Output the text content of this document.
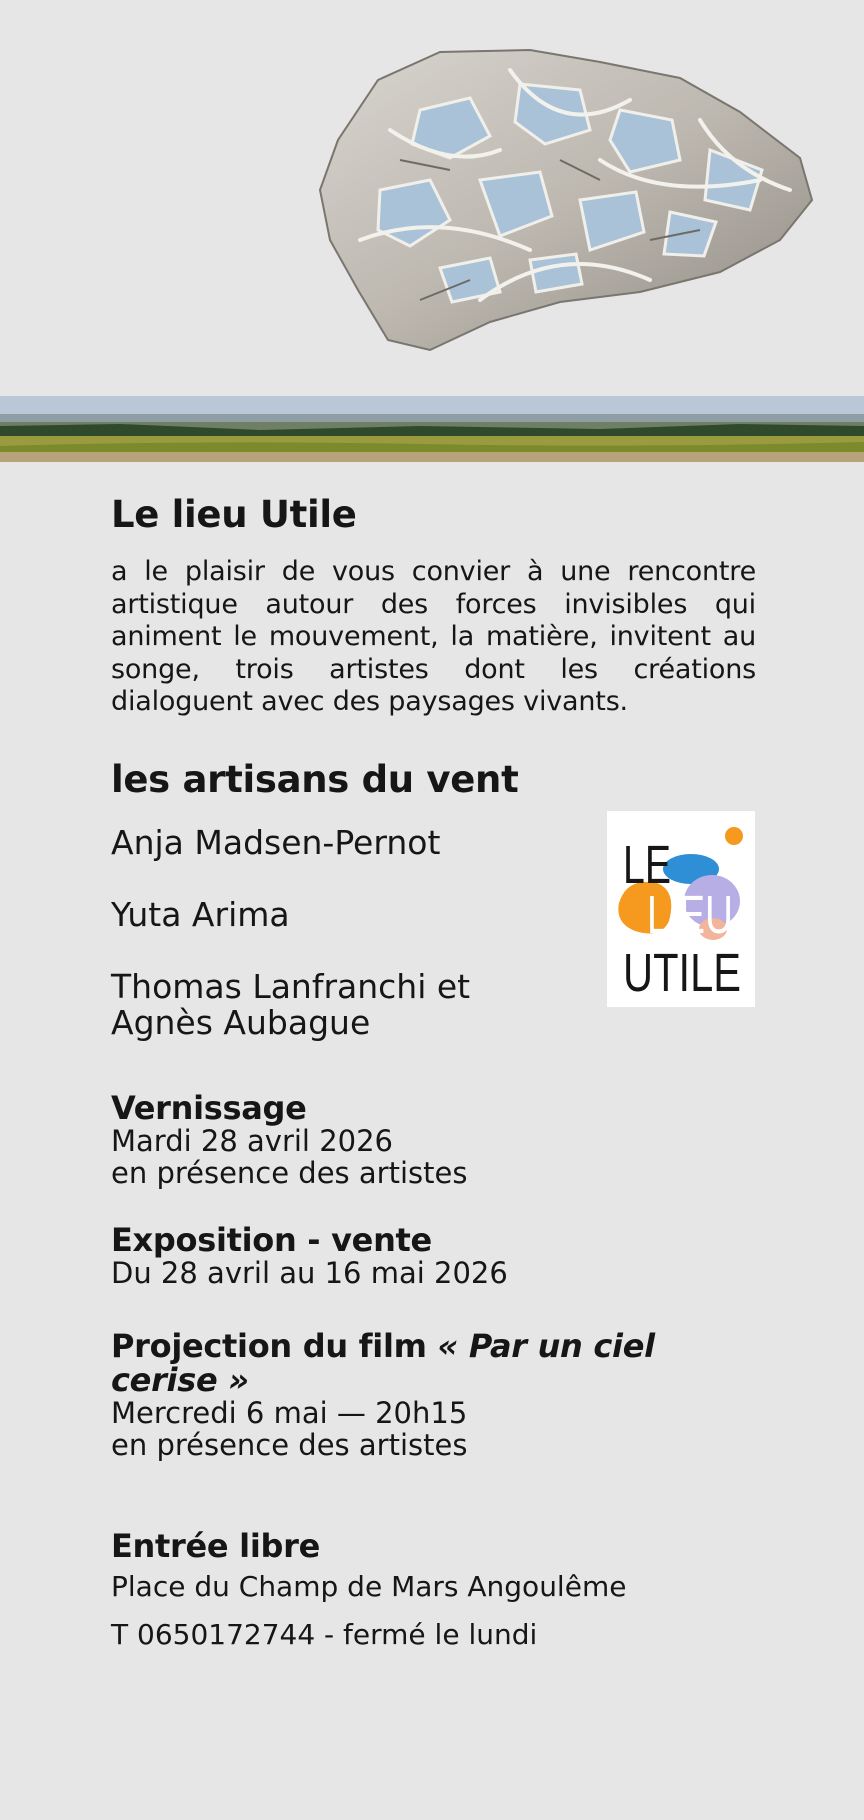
Le lieu Utile

a le plaisir de vous convier à une rencontre artistique autour des forces invisibles qui animent le mouvement, la matière, invitent au songe, trois artistes dont les créations dialoguent avec des paysages vivants.

les artisans du vent
Anja Madsen-Pernot
Yuta Arima
Thomas Lanfranchi et Agnès Aubague
Vernissage
Mardi 28 avril 2026
en présence des artistes
Exposition - vente
Du 28 avril au 16 mai 2026
Projection du film « Par un ciel cerise »
Mercredi 6 mai — 20h15
en présence des artistes
Entrée libre
Place du Champ de Mars Angoulême
T 0650172744 - fermé le lundi
LE
LIEU
UTILE
